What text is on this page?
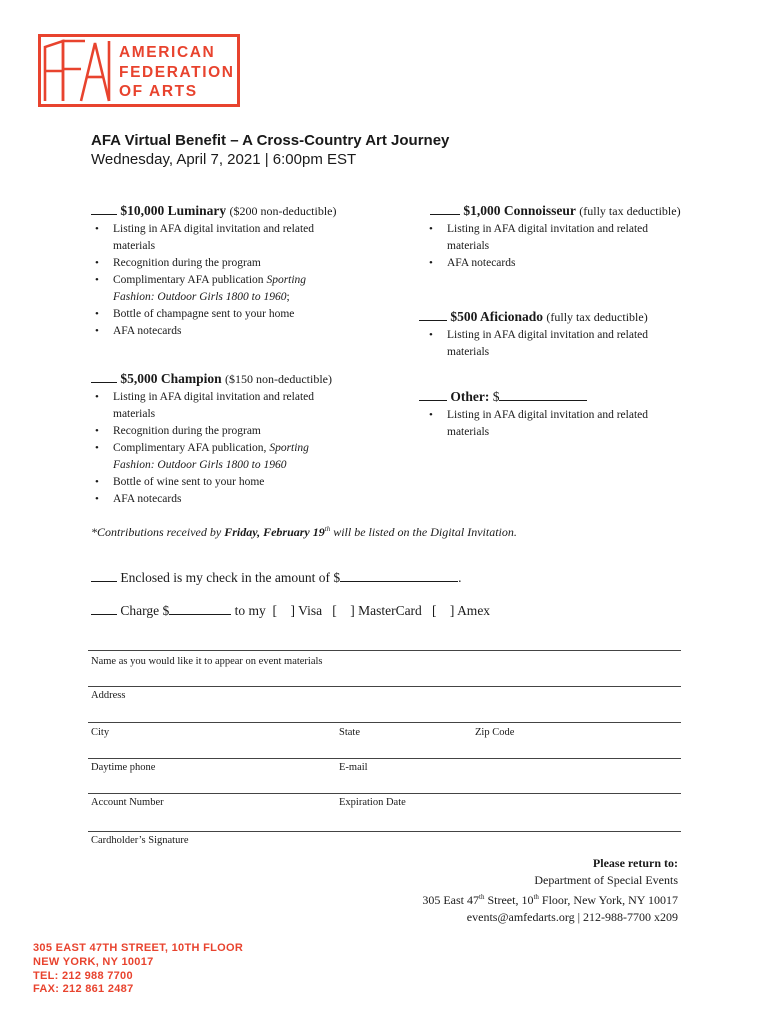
AMERICAN
FEDERATION
OF ARTS
AFA Virtual Benefit – A Cross-Country Art Journey
Wednesday, April 7, 2021 | 6:00pm EST
$10,000 Luminary ($200 non-deductible)
• Listing in AFA digital invitation and related
materials
• Recognition during the program
• Complimentary AFA publication Sporting
Fashion: Outdoor Girls 1800 to 1960;
• Bottle of champagne sent to your home
• AFA notecards
$5,000 Champion ($150 non-deductible)
• Listing in AFA digital invitation and related
materials
• Recognition during the program
• Complimentary AFA publication, Sporting
Fashion: Outdoor Girls 1800 to 1960
• Bottle of wine sent to your home
• AFA notecards
$1,000 Connoisseur (fully tax deductible)
• Listing in AFA digital invitation and related
materials
• AFA notecards
$500 Aficionado (fully tax deductible)
• Listing in AFA digital invitation and related
materials
Other: $
• Listing in AFA digital invitation and related
materials
*Contributions received by Friday, February 19th will be listed on the Digital Invitation.
Enclosed is my check in the amount of $	.
Charge $	to my  [    ] Visa   [    ] MasterCard   [    ] Amex
Name as you would like it to appear on event materials
Address
City	State	Zip Code
Daytime phone	E-mail
Account Number	Expiration Date
Cardholder’s Signature
Please return to:
Department of Special Events
305 East 47th Street, 10th Floor, New York, NY 10017
events@amfedarts.org | 212-988-7700 x209
305 EAST 47TH STREET, 10TH FLOOR
NEW YORK, NY 10017
TEL: 212 988 7700
FAX: 212 861 2487
